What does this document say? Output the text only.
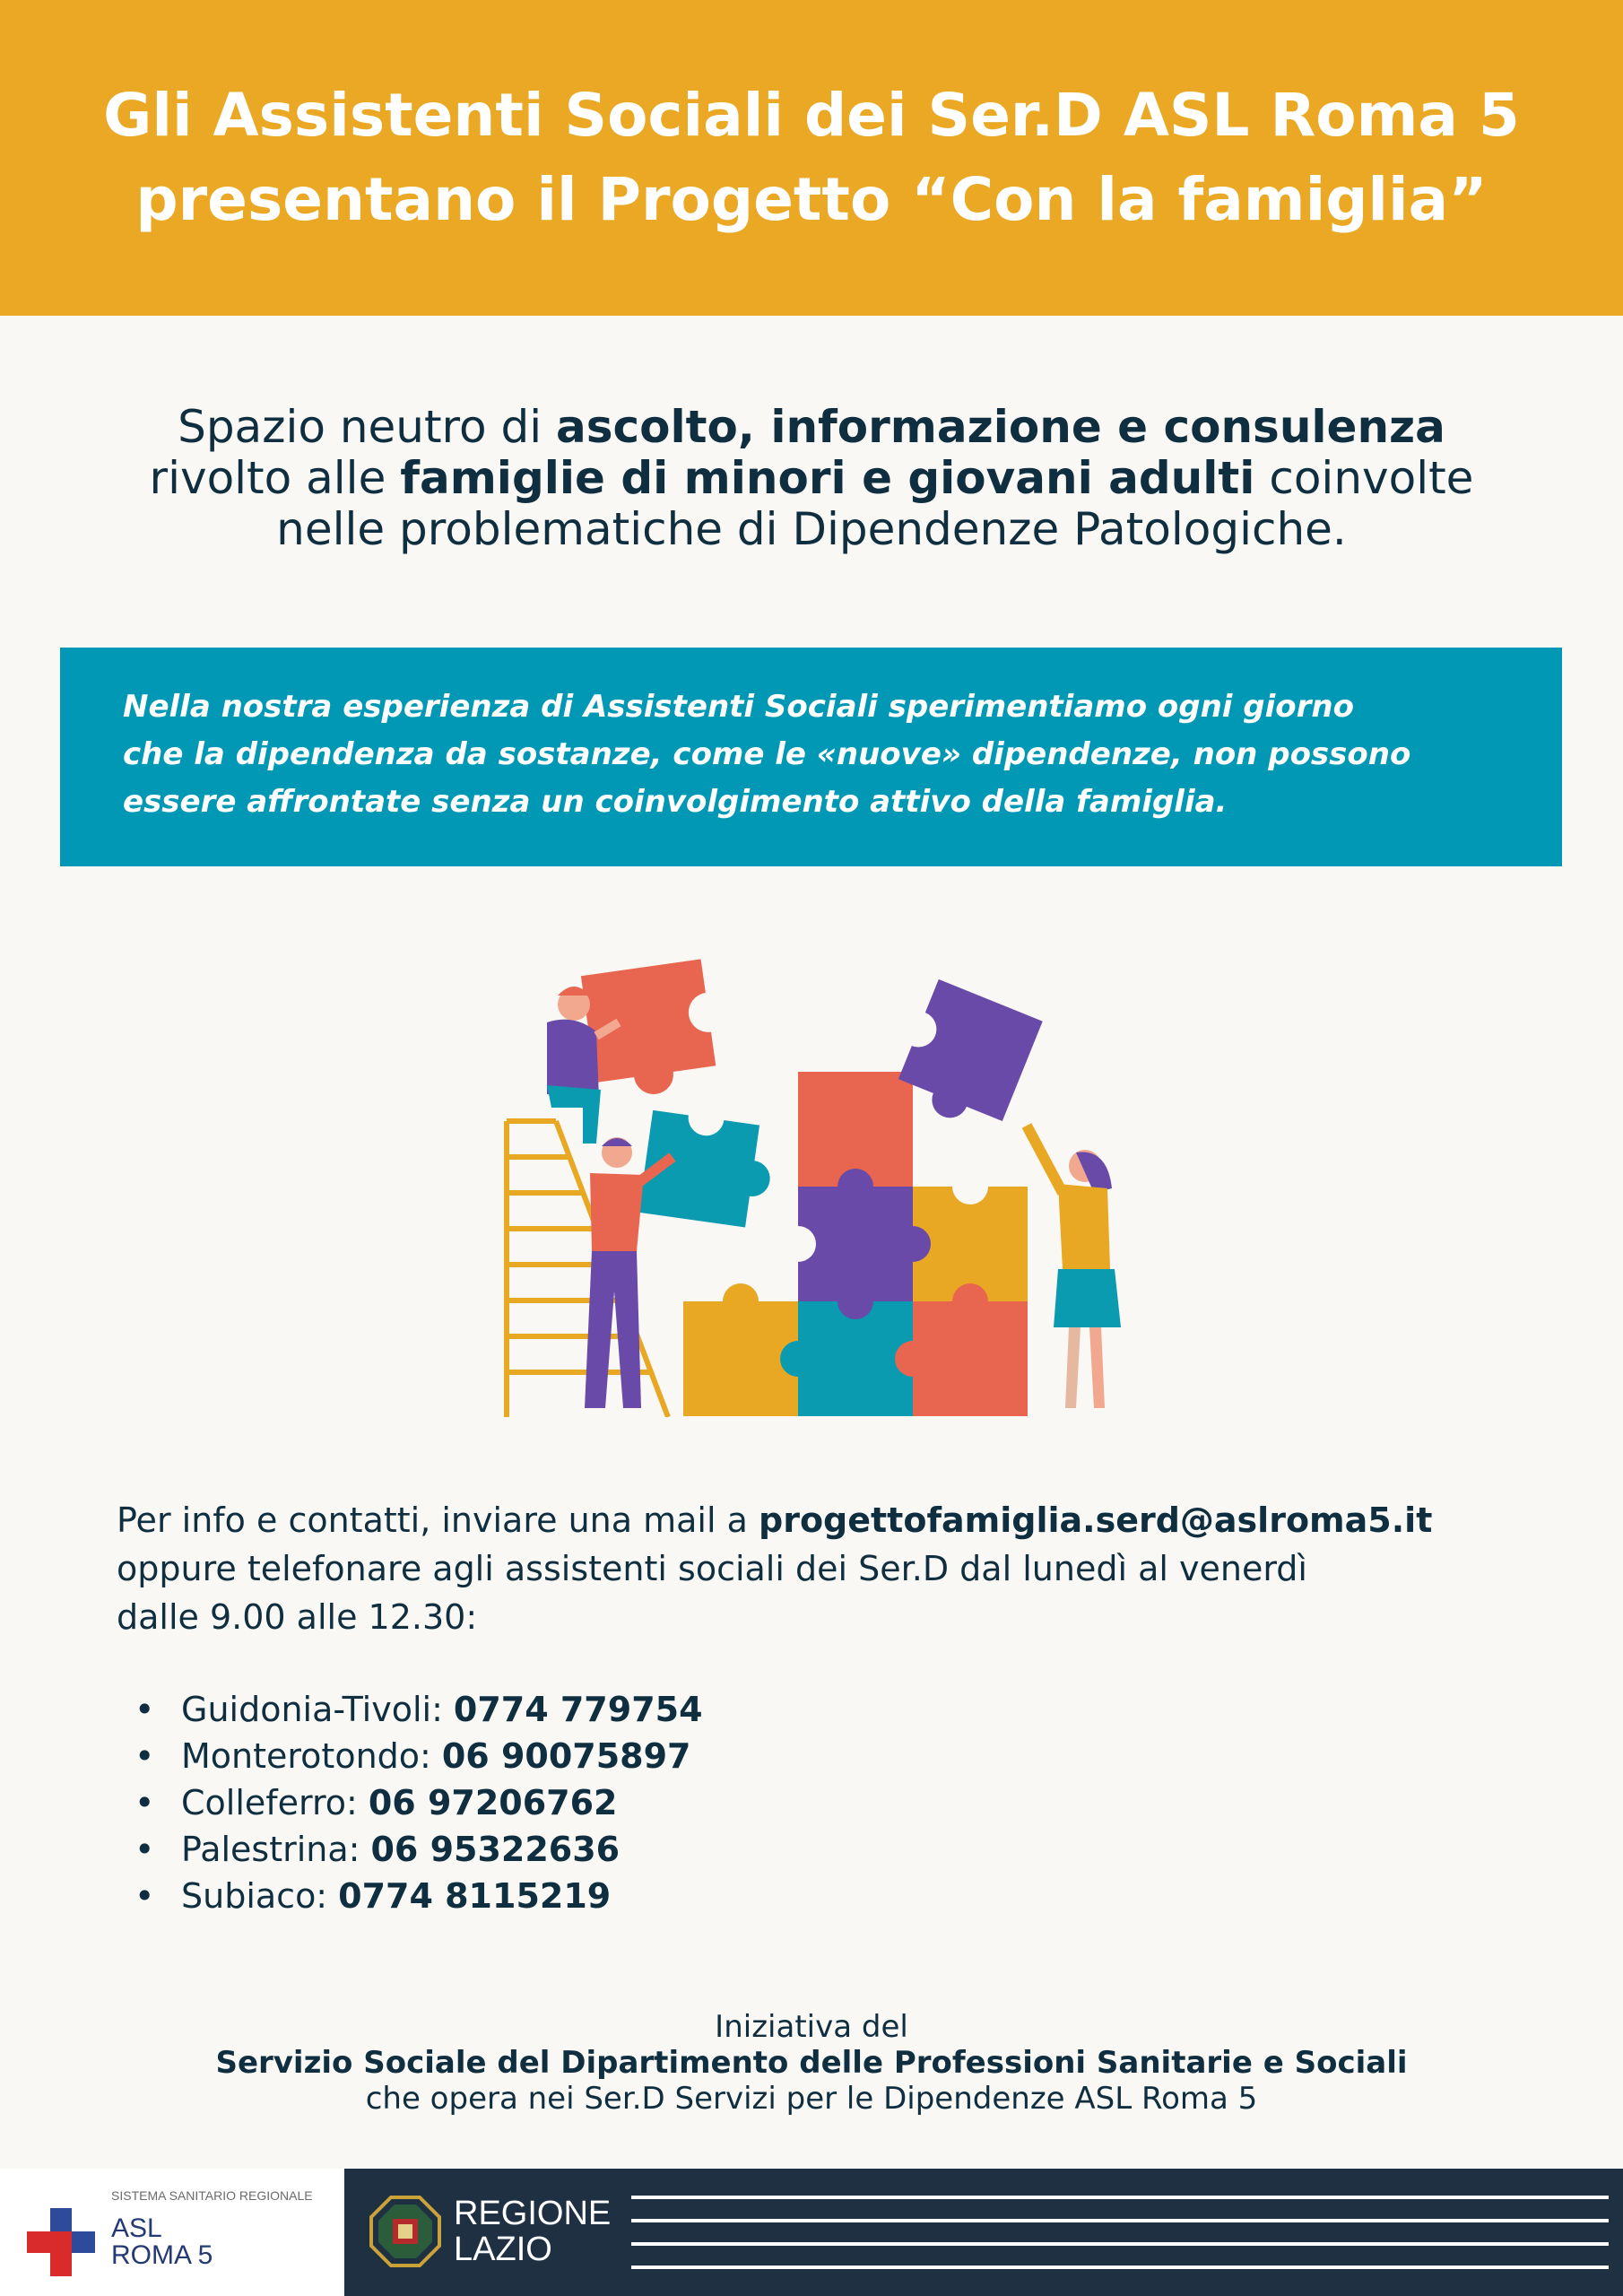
Gli Assistenti Sociali dei Ser.D ASL Roma 5
presentano il Progetto “Con la famiglia”
Spazio neutro di ascolto, informazione e consulenza
rivolto alle famiglie di minori e giovani adulti coinvolte
nelle problematiche di Dipendenze Patologiche.
Nella nostra esperienza di Assistenti Sociali sperimentiamo ogni giorno
che la dipendenza da sostanze, come le «nuove» dipendenze, non possono
essere affrontate senza un coinvolgimento attivo della famiglia.
Per info e contatti, inviare una mail a progettofamiglia.serd@aslroma5.it
oppure telefonare agli assistenti sociali dei Ser.D dal lunedì al venerdì
dalle 9.00 alle 12.30:
• Guidonia-Tivoli: 0774 779754
• Monterotondo: 06 90075897
• Colleferro: 06 97206762
• Palestrina: 06 95322636
• Subiaco: 0774 8115219
Iniziativa del
Servizio Sociale del Dipartimento delle Professioni Sanitarie e Sociali
che opera nei Ser.D Servizi per le Dipendenze ASL Roma 5
SISTEMA SANITARIO REGIONALE
ASL
ROMA 5
REGIONE
LAZIO
